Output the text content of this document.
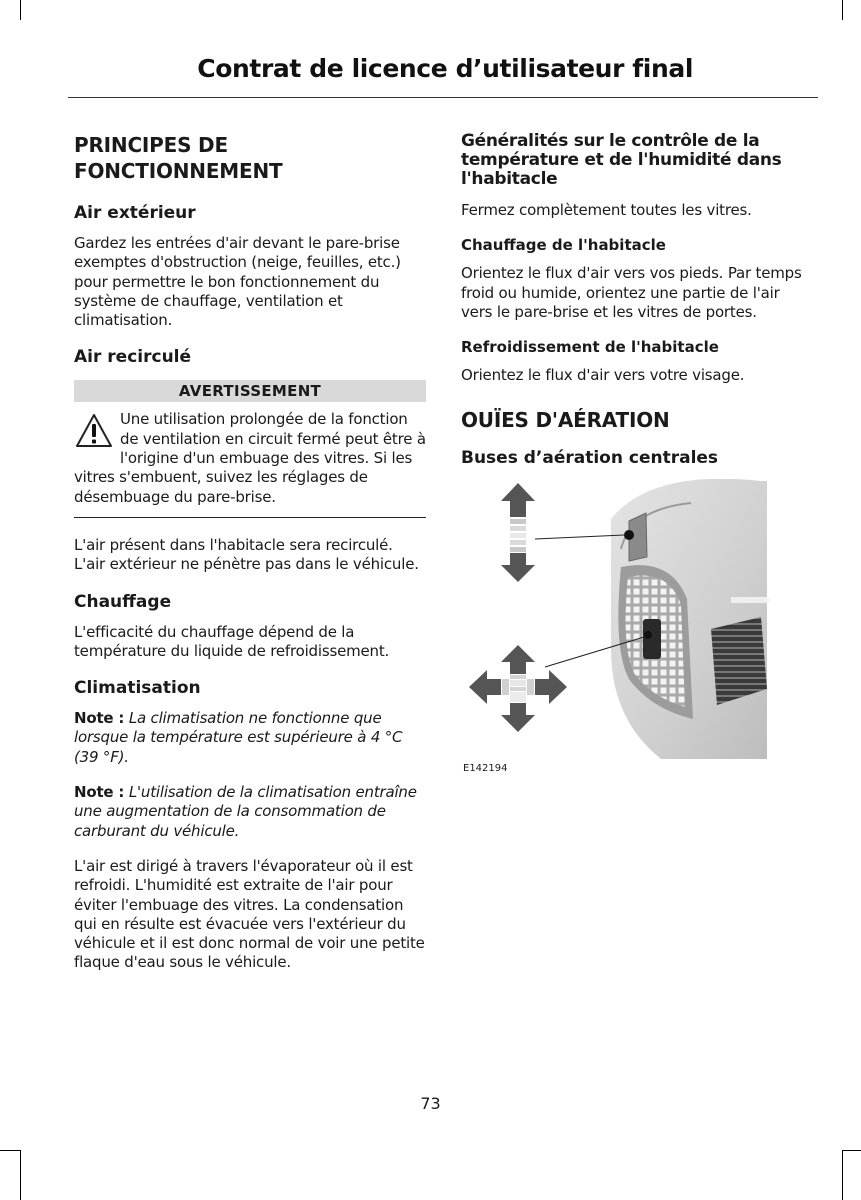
Contrat de licence d’utilisateur final
PRINCIPES DE FONCTIONNEMENT
Air extérieur

Gardez les entrées d'air devant le pare-brise exemptes d'obstruction (neige, feuilles, etc.) pour permettre le bon fonctionnement du système de chauffage, ventilation et climatisation.

Air recirculé
AVERTISSEMENT

Une utilisation prolongée de la fonction de ventilation en circuit fermé peut être à l'origine d'un embuage des vitres. Si les vitres s'embuent, suivez les réglages de désembuage du pare-brise.

L'air présent dans l'habitacle sera recirculé. L'air extérieur ne pénètre pas dans le véhicule.

Chauffage

L'efficacité du chauffage dépend de la température du liquide de refroidissement.

Climatisation

Note : La climatisation ne fonctionne que lorsque la température est supérieure à 4 °C (39 °F).

Note : L'utilisation de la climatisation entraîne une augmentation de la consommation de carburant du véhicule.

L'air est dirigé à travers l'évaporateur où il est refroidi. L'humidité est extraite de l'air pour éviter l'embuage des vitres. La condensation qui en résulte est évacuée vers l'extérieur du véhicule et il est donc normal de voir une petite flaque d'eau sous le véhicule.

Généralités sur le contrôle de la température et de l'humidité dans l'habitacle

Fermez complètement toutes les vitres.

Chauffage de l'habitacle

Orientez le flux d'air vers vos pieds. Par temps froid ou humide, orientez une partie de l'air vers le pare-brise et les vitres de portes.

Refroidissement de l'habitacle

Orientez le flux d'air vers votre visage.

OUÏES D'AÉRATION
Buses d’aération centrales
E142194
73
